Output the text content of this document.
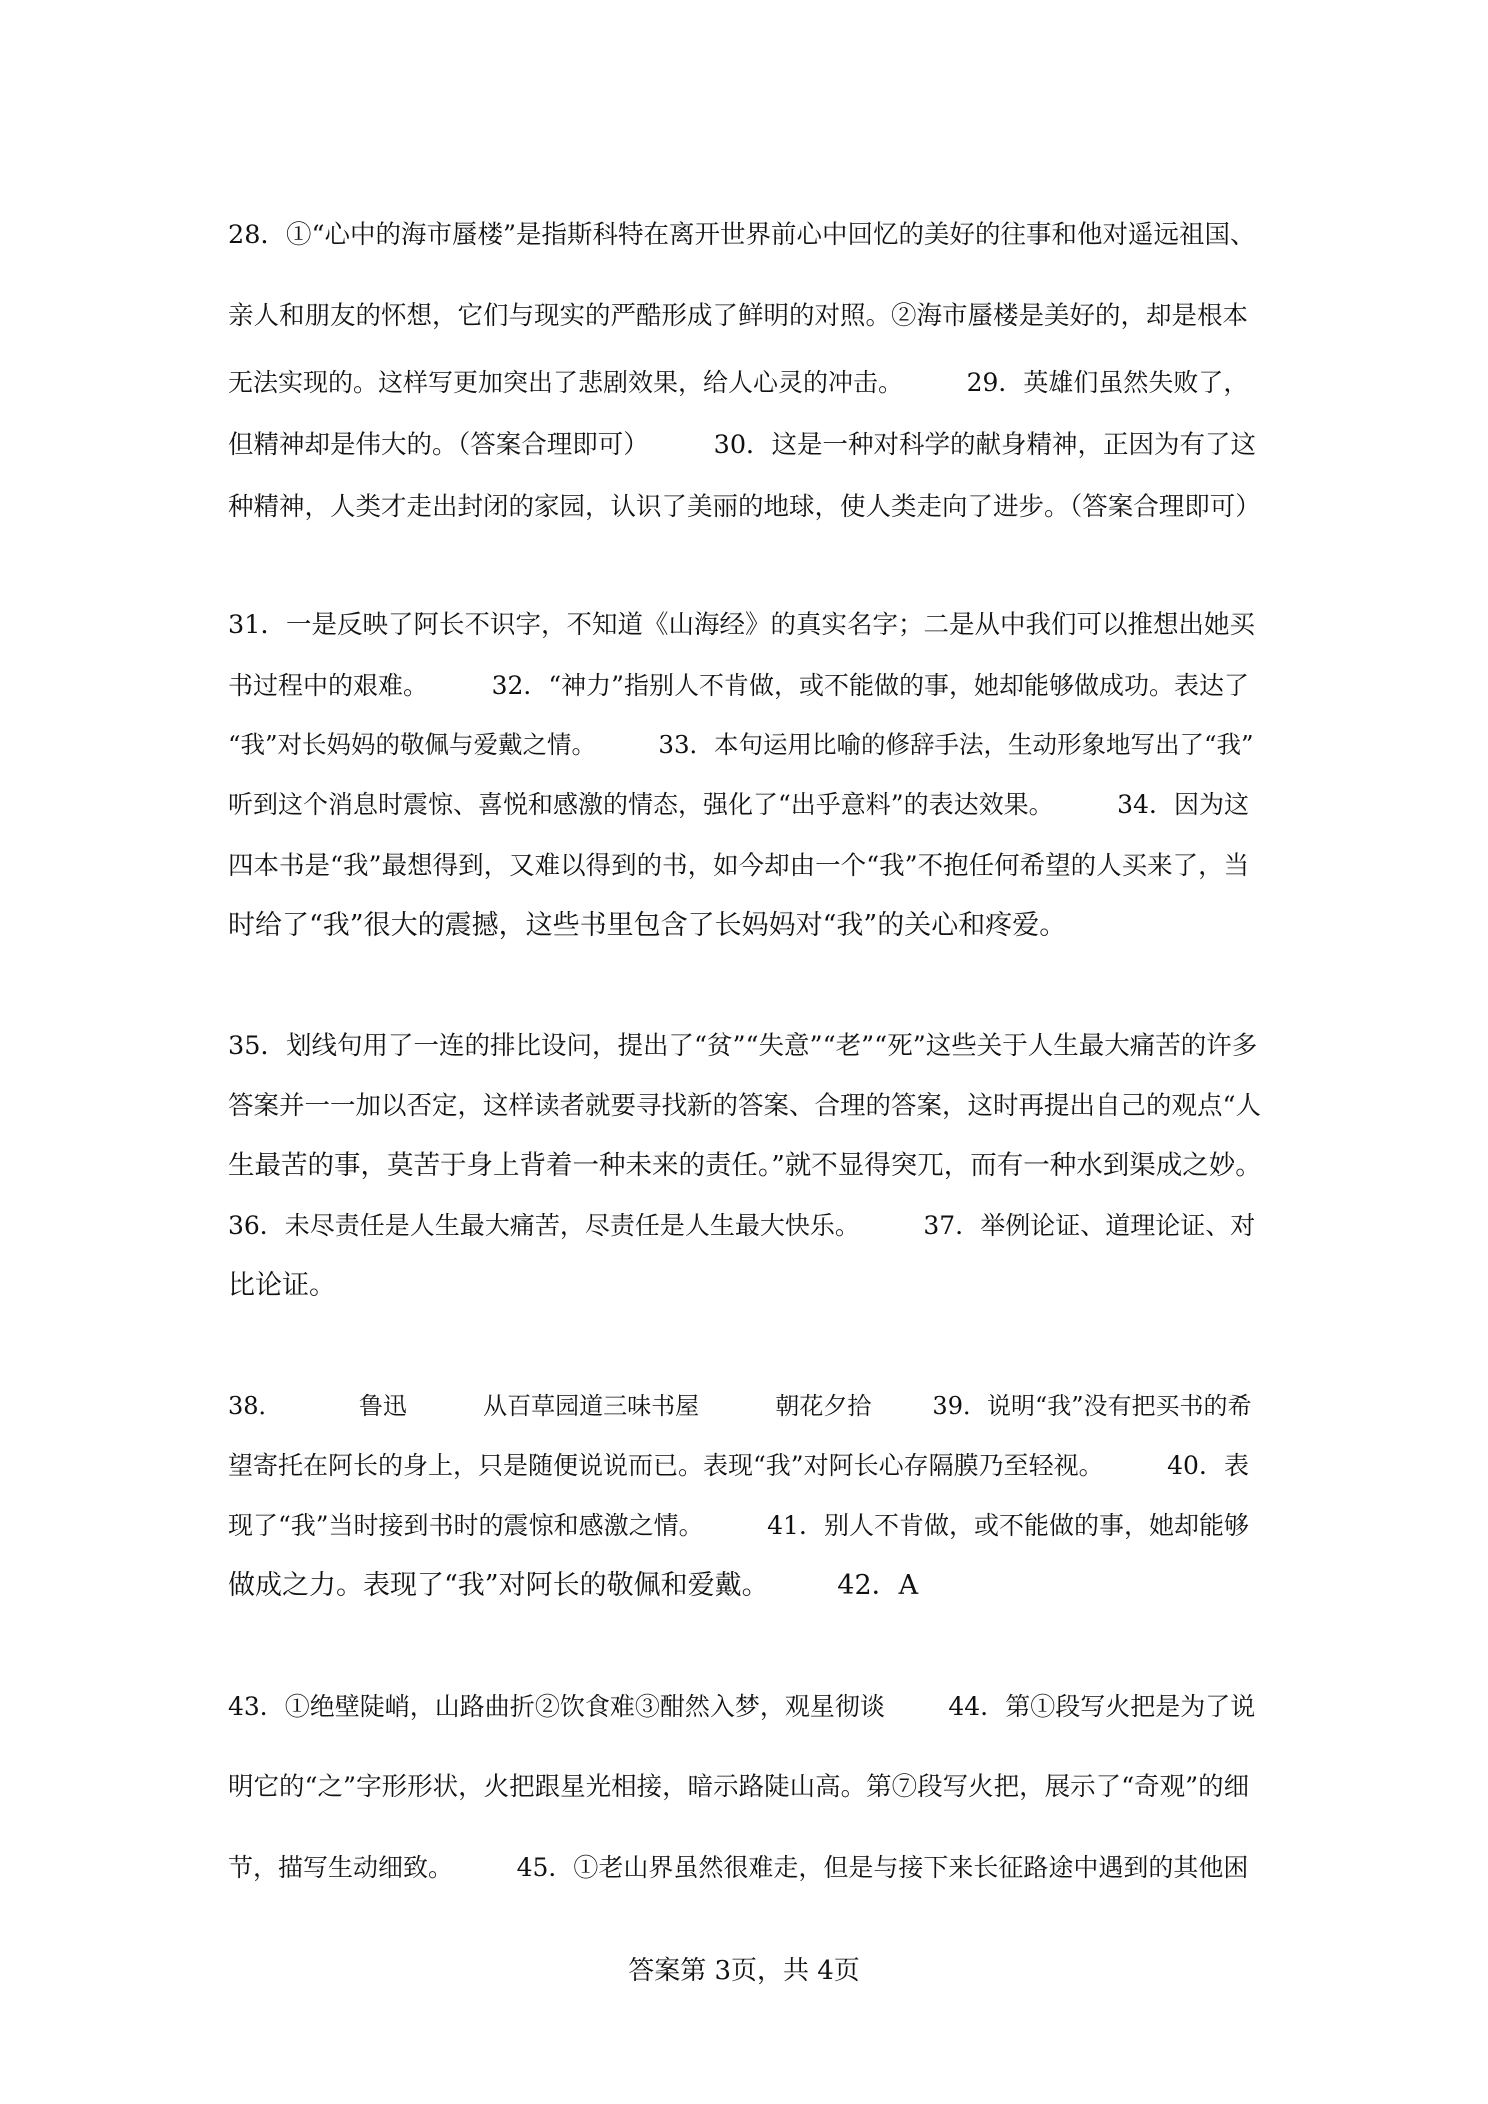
28．①“心中的海市蜃楼”是指斯科特在离开世界前心中回忆的美好的往事和他对遥远祖国、
亲人和朋友的怀想，它们与现实的严酷形成了鲜明的对照。②海市蜃楼是美好的，却是根本
无法实现的。这样写更加突出了悲剧效果，给人心灵的冲击。        29．英雄们虽然失败了，
但精神却是伟大的。（答案合理即可）        30．这是一种对科学的献身精神，正因为有了这
种精神，人类才走出封闭的家园，认识了美丽的地球，使人类走向了进步。（答案合理即可）
31．一是反映了阿长不识字，不知道《山海经》的真实名字；二是从中我们可以推想出她买
书过程中的艰难。        32．“神力”指别人不肯做，或不能做的事，她却能够做成功。表达了
“我”对长妈妈的敬佩与爱戴之情。        33．本句运用比喻的修辞手法，生动形象地写出了“我”
听到这个消息时震惊、喜悦和感激的情态，强化了“出乎意料”的表达效果。        34．因为这
四本书是“我”最想得到，又难以得到的书，如今却由一个“我”不抱任何希望的人买来了，当
时给了“我”很大的震撼，这些书里包含了长妈妈对“我”的关心和疼爱。
35．划线句用了一连的排比设问，提出了“贫”“失意”“老”“死”这些关于人生最大痛苦的许多
答案并一一加以否定，这样读者就要寻找新的答案、合理的答案，这时再提出自己的观点“人
生最苦的事，莫苦于身上背着一种未来的责任。”就不显得突兀，而有一种水到渠成之妙。
36．未尽责任是人生最大痛苦，尽责任是人生最大快乐。        37．举例论证、道理论证、对
比论证。
38．          鲁迅          从百草园道三味书屋          朝花夕拾        39．说明“我”没有把买书的希
望寄托在阿长的身上，只是随便说说而已。表现“我”对阿长心存隔膜乃至轻视。        40．表
现了“我”当时接到书时的震惊和感激之情。        41．别人不肯做，或不能做的事，她却能够
做成之力。表现了“我”对阿长的敬佩和爱戴。        42．A
43．①绝壁陡峭，山路曲折②饮食难③酣然入梦，观星彻谈        44．第①段写火把是为了说
明它的“之”字形形状，火把跟星光相接，暗示路陡山高。第⑦段写火把，展示了“奇观”的细
节，描写生动细致。        45．①老山界虽然很难走，但是与接下来长征路途中遇到的其他困
答案第 3页，共 4页
